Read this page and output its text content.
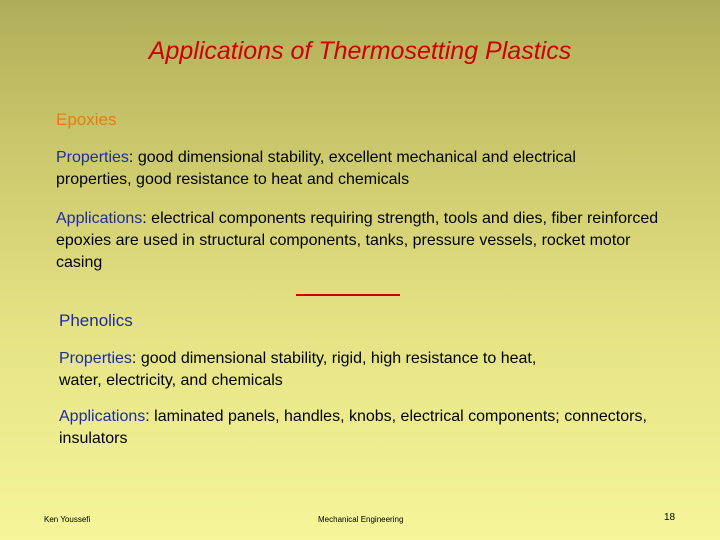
Applications of Thermosetting Plastics
Epoxies
Properties: good dimensional stability, excellent mechanical and electrical properties, good resistance to heat and chemicals
Applications: electrical components requiring strength, tools and dies, fiber reinforced epoxies are used in structural components, tanks, pressure vessels, rocket motor casing
Phenolics
Properties: good dimensional stability, rigid, high resistance to heat, water, electricity, and chemicals
Applications: laminated panels, handles, knobs, electrical components; connectors, insulators
Ken Youssefi	Mechanical Engineering	18
